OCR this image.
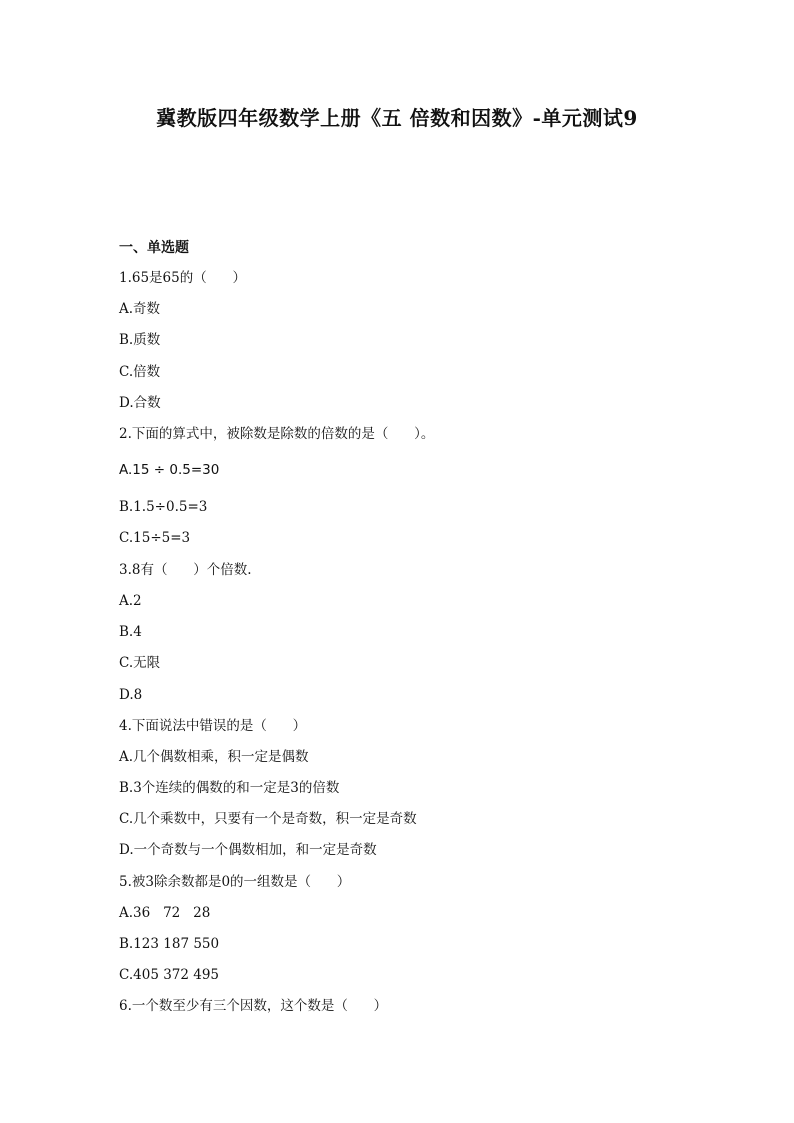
冀教版四年级数学上册《五 倍数和因数》-单元测试9
一、单选题
1.65是65的（      ）
A.奇数
B.质数
C.倍数
D.合数
2.下面的算式中，被除数是除数的倍数的是（      ）。
A.15 ÷ 0.5=30
B.1.5÷0.5=3
C.15÷5=3
3.8有（      ）个倍数.
A.2
B.4
C.无限
D.8
4.下面说法中错误的是（      ）
A.几个偶数相乘，积一定是偶数
B.3个连续的偶数的和一定是3的倍数
C.几个乘数中，只要有一个是奇数，积一定是奇数
D.一个奇数与一个偶数相加，和一定是奇数
5.被3除余数都是0的一组数是（      ）
A.36   72   28
B.123 187 550
C.405 372 495
6.一个数至少有三个因数，这个数是（      ）
